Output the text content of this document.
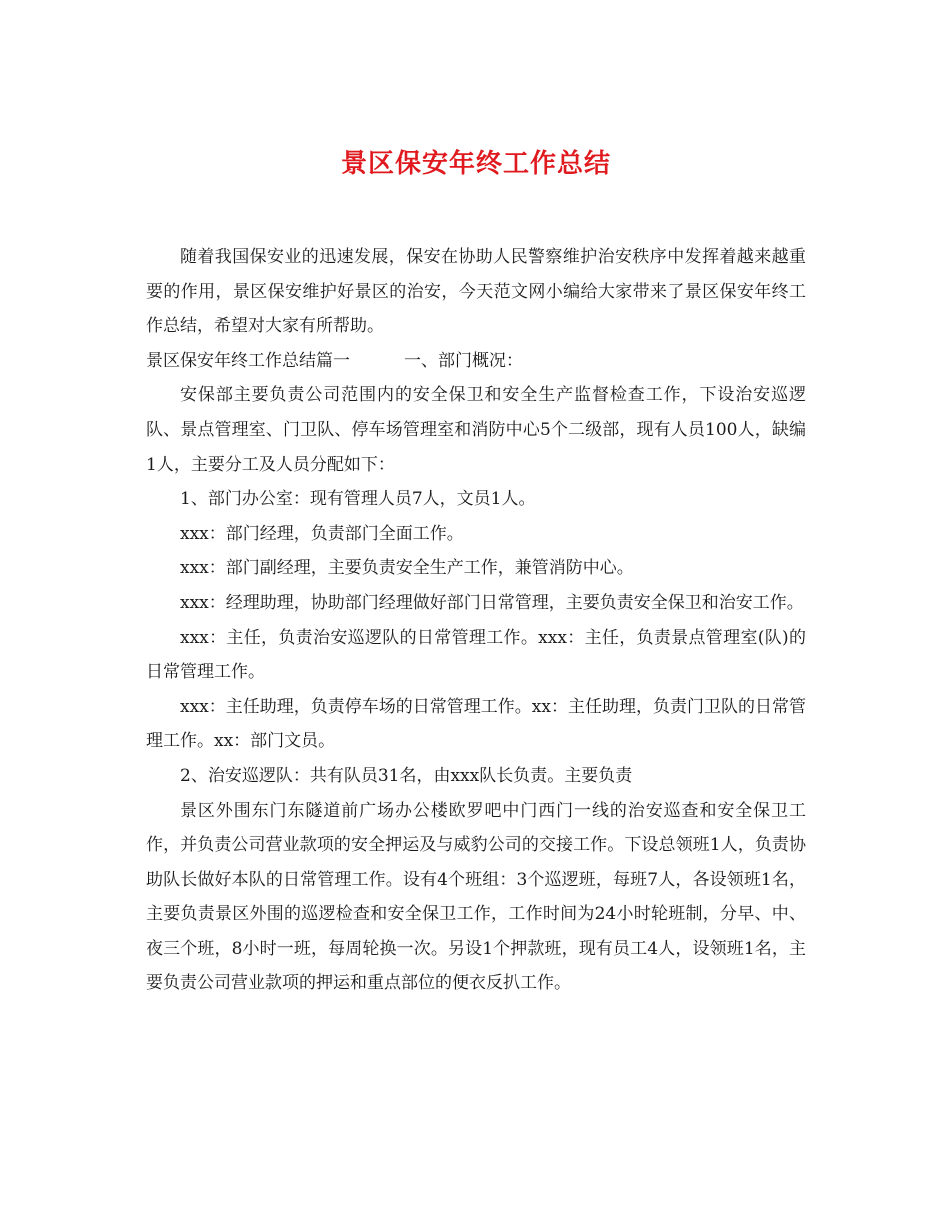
景区保安年终工作总结

随着我国保安业的迅速发展，保安在协助人民警察维护治安秩序中发挥着越来越重要的作用，景区保安维护好景区的治安，今天范文网小编给大家带来了景区保安年终工作总结，希望对大家有所帮助。

景区保安年终工作总结篇一	一、部门概况：

安保部主要负责公司范围内的安全保卫和安全生产监督检查工作，下设治安巡逻队、景点管理室、门卫队、停车场管理室和消防中心5个二级部，现有人员100人，缺编1人，主要分工及人员分配如下：

1、部门办公室：现有管理人员7人，文员1人。

xxx：部门经理，负责部门全面工作。

xxx：部门副经理，主要负责安全生产工作，兼管消防中心。

xxx：经理助理，协助部门经理做好部门日常管理，主要负责安全保卫和治安工作。

xxx：主任，负责治安巡逻队的日常管理工作。xxx：主任，负责景点管理室(队)的日常管理工作。

xxx：主任助理，负责停车场的日常管理工作。xx：主任助理，负责门卫队的日常管理工作。xx：部门文员。

2、治安巡逻队：共有队员31名，由xxx队长负责。主要负责

景区外围东门东隧道前广场办公楼欧罗吧中门西门一线的治安巡查和安全保卫工作，并负责公司营业款项的安全押运及与威豹公司的交接工作。下设总领班1人，负责协助队长做好本队的日常管理工作。设有4个班组：3个巡逻班，每班7人，各设领班1名，主要负责景区外围的巡逻检查和安全保卫工作，工作时间为24小时轮班制，分早、中、夜三个班，8小时一班，每周轮换一次。另设1个押款班，现有员工4人，设领班1名，主要负责公司营业款项的押运和重点部位的便衣反扒工作。
